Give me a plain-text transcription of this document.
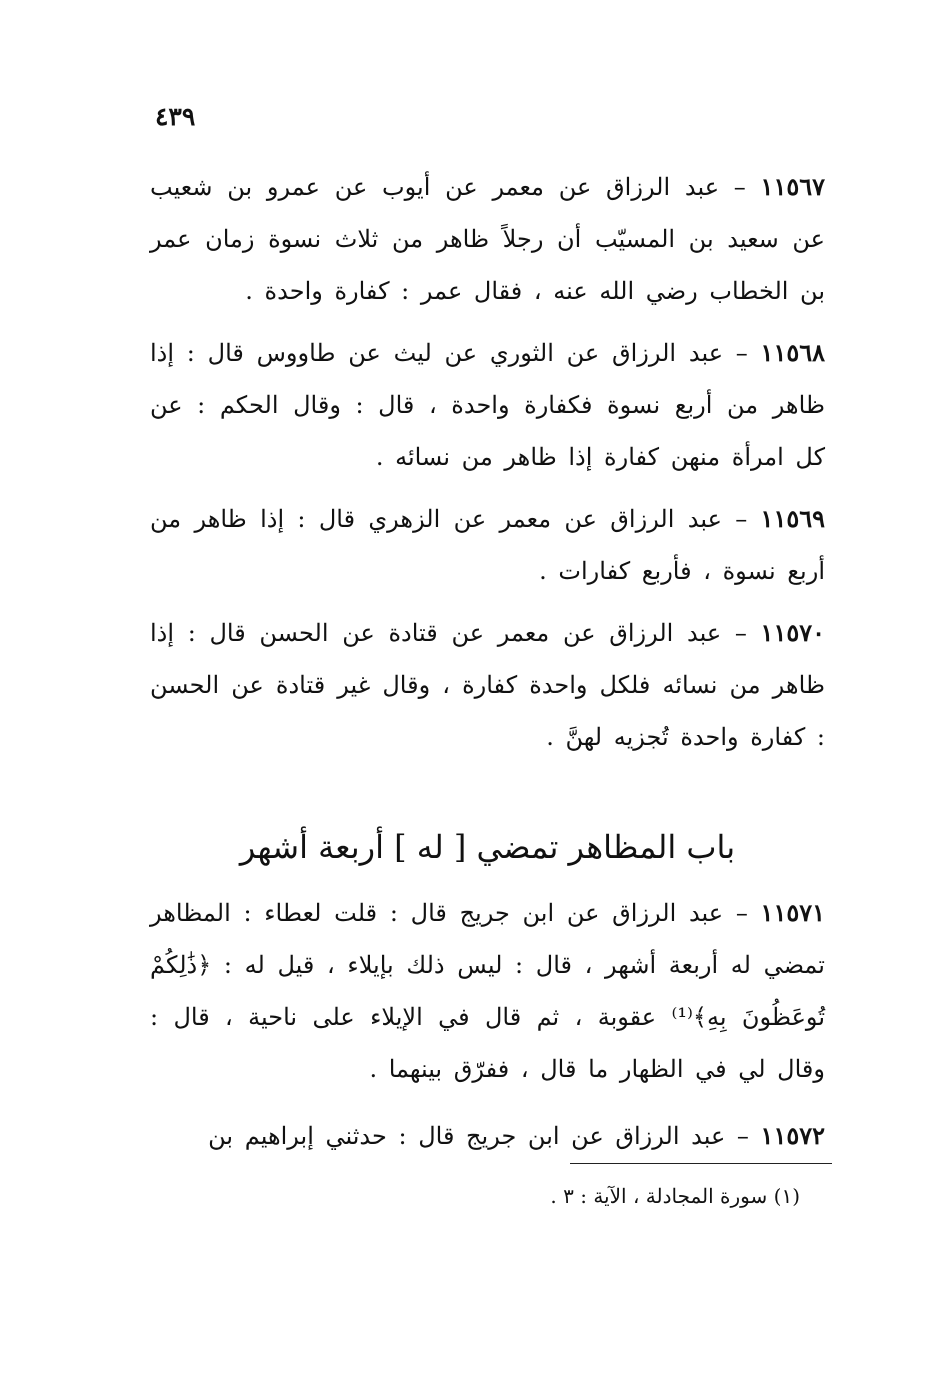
٤٣٩

١١٥٦٧ – عبد الرزاق عن معمر عن أيوب عن عمرو بن شعيب عن سعيد بن المسيّب أن رجلاً ظاهر من ثلاث نسوة زمان عمر بن الخطاب رضي الله عنه ، فقال عمر : كفارة واحدة .

١١٥٦٨ – عبد الرزاق عن الثوري عن ليث عن طاووس قال : إذا ظاهر من أربع نسوة فكفارة واحدة ، قال : وقال الحكم : عن كل امرأة منهن كفارة إذا ظاهر من نسائه .

١١٥٦٩ – عبد الرزاق عن معمر عن الزهري قال : إذا ظاهر من أربع نسوة ، فأربع كفارات .

١١٥٧٠ – عبد الرزاق عن معمر عن قتادة عن الحسن قال : إذا ظاهر من نسائه فلكل واحدة كفارة ، وقال غير قتادة عن الحسن : كفارة واحدة تُجزيه لهنَّ .

باب المظاهر تمضي [ له ] أربعة أشهر

١١٥٧١ – عبد الرزاق عن ابن جريج قال : قلت لعطاء : المظاهر تمضي له أربعة أشهر ، قال : ليس ذلك بإيلاء ، قيل له : ﴿ذَٰلِكُمْ تُوعَظُونَ بِهِ﴾⁽¹⁾ عقوبة ، ثم قال في الإيلاء على ناحية ، قال : وقال لي في الظهار ما قال ، ففرّق بينهما .

١١٥٧٢ – عبد الرزاق عن ابن جريج قال : حدثني إبراهيم بن

(١) سورة المجادلة ، الآية : ٣ .
